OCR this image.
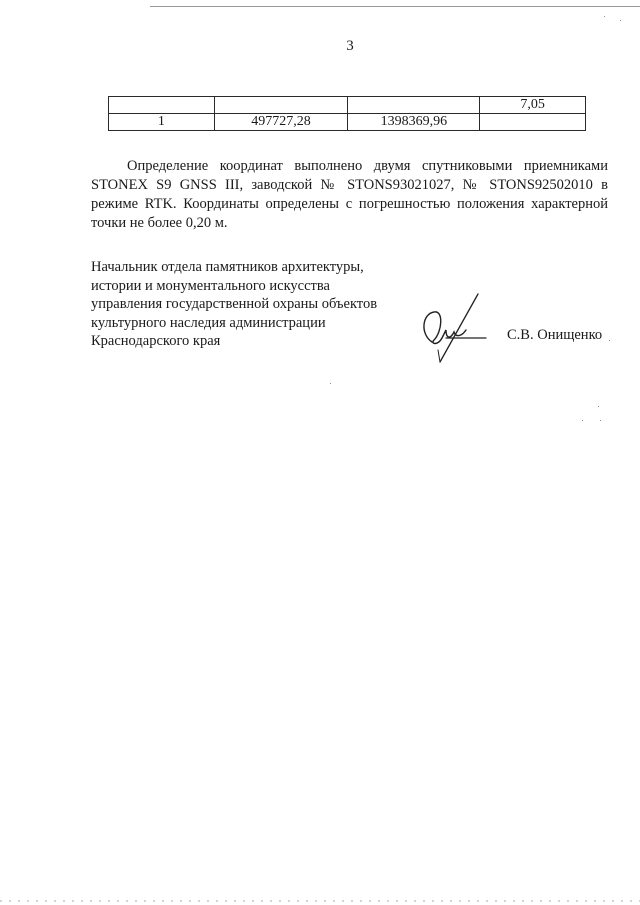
3
			7,05
1	497727,28	1398369,96	

Определение координат выполнено двумя спутниковыми приемниками STONEX S9 GNSS III, заводской № STONS93021027, № STONS92502010 в режиме RTK. Координаты определены с погрешностью положения характерной точки не более 0,20 м.

Начальник отдела памятников архитектуры,
истории и монументального искусства
управления государственной охраны объектов
культурного наследия администрации
Краснодарского края	С.В. Онищенко
